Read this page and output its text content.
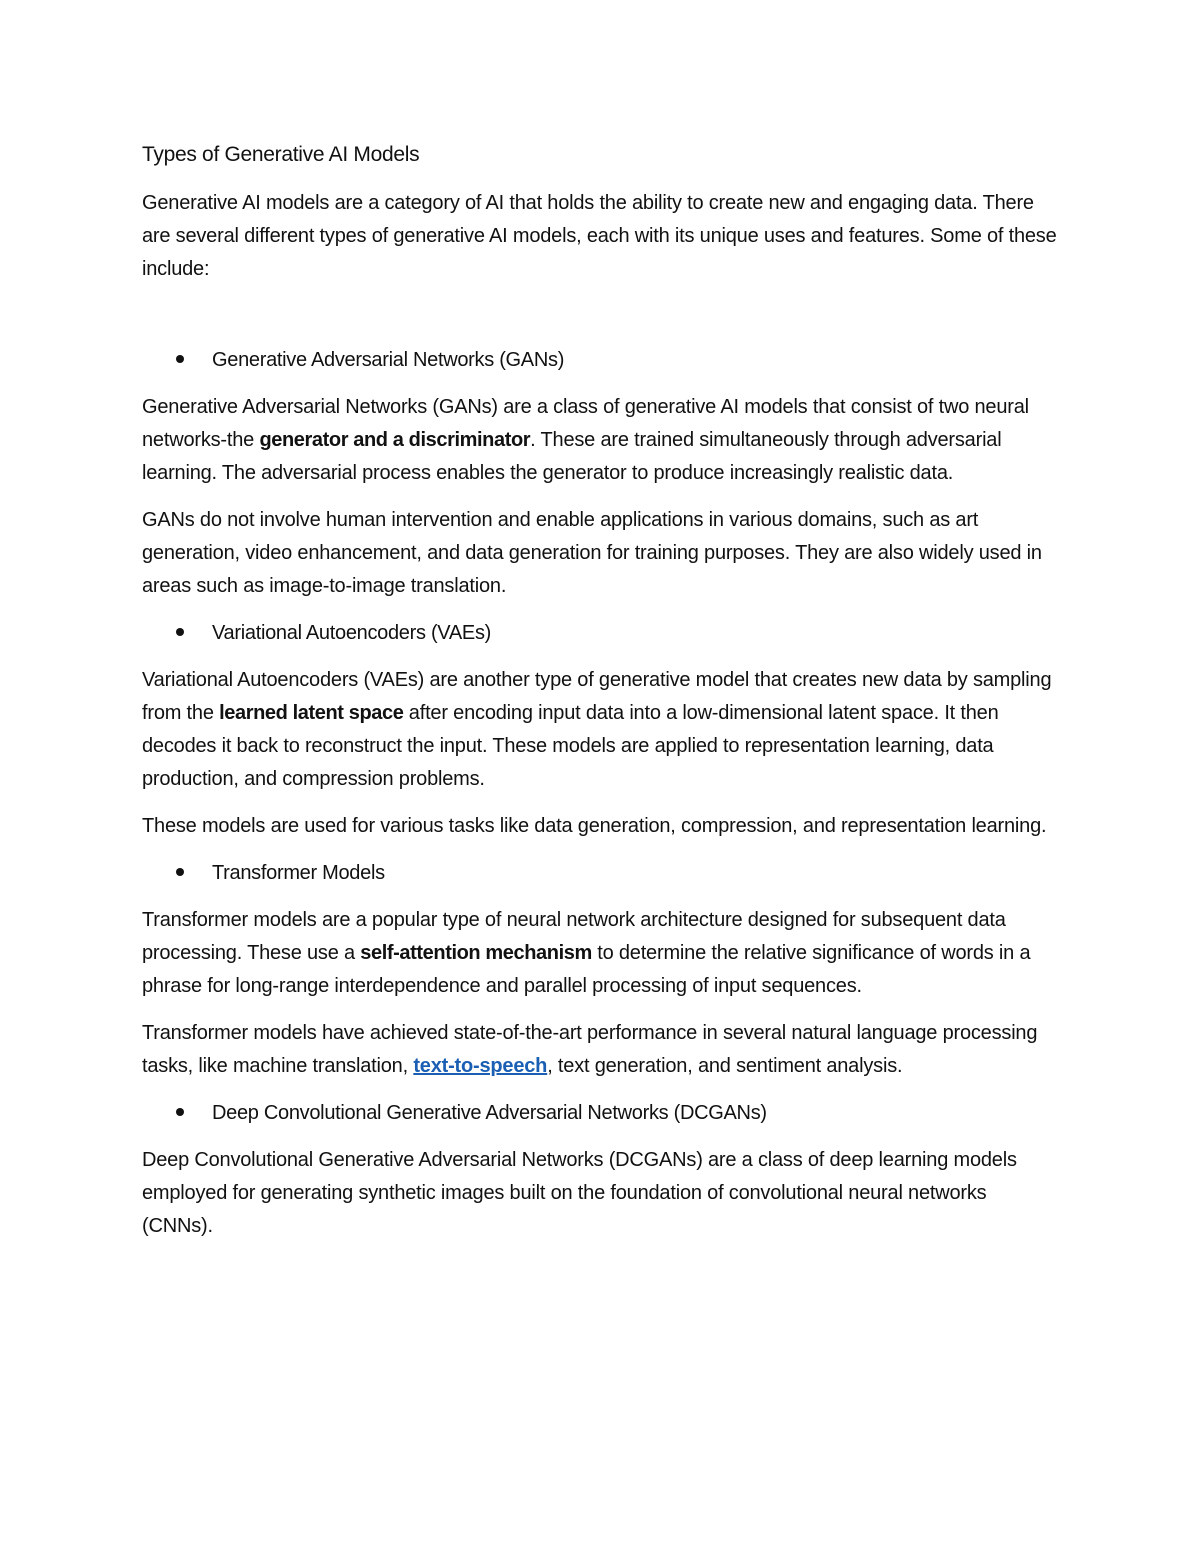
Types of Generative AI Models

Generative AI models are a category of AI that holds the ability to create new and engaging data. There are several different types of generative AI models, each with its unique uses and features. Some of these include:

Generative Adversarial Networks (GANs)

Generative Adversarial Networks (GANs) are a class of generative AI models that consist of two neural networks-the generator and a discriminator. These are trained simultaneously through adversarial learning. The adversarial process enables the generator to produce increasingly realistic data.

GANs do not involve human intervention and enable applications in various domains, such as art generation, video enhancement, and data generation for training purposes. They are also widely used in areas such as image-to-image translation.

Variational Autoencoders (VAEs)

Variational Autoencoders (VAEs) are another type of generative model that creates new data by sampling from the learned latent space after encoding input data into a low-dimensional latent space. It then decodes it back to reconstruct the input. These models are applied to representation learning, data production, and compression problems.

These models are used for various tasks like data generation, compression, and representation learning.

Transformer Models

Transformer models are a popular type of neural network architecture designed for subsequent data processing. These use a self-attention mechanism to determine the relative significance of words in a phrase for long-range interdependence and parallel processing of input sequences.

Transformer models have achieved state-of-the-art performance in several natural language processing tasks, like machine translation, text-to-speech, text generation, and sentiment analysis.

Deep Convolutional Generative Adversarial Networks (DCGANs)

Deep Convolutional Generative Adversarial Networks (DCGANs) are a class of deep learning models employed for generating synthetic images built on the foundation of convolutional neural networks (CNNs).
